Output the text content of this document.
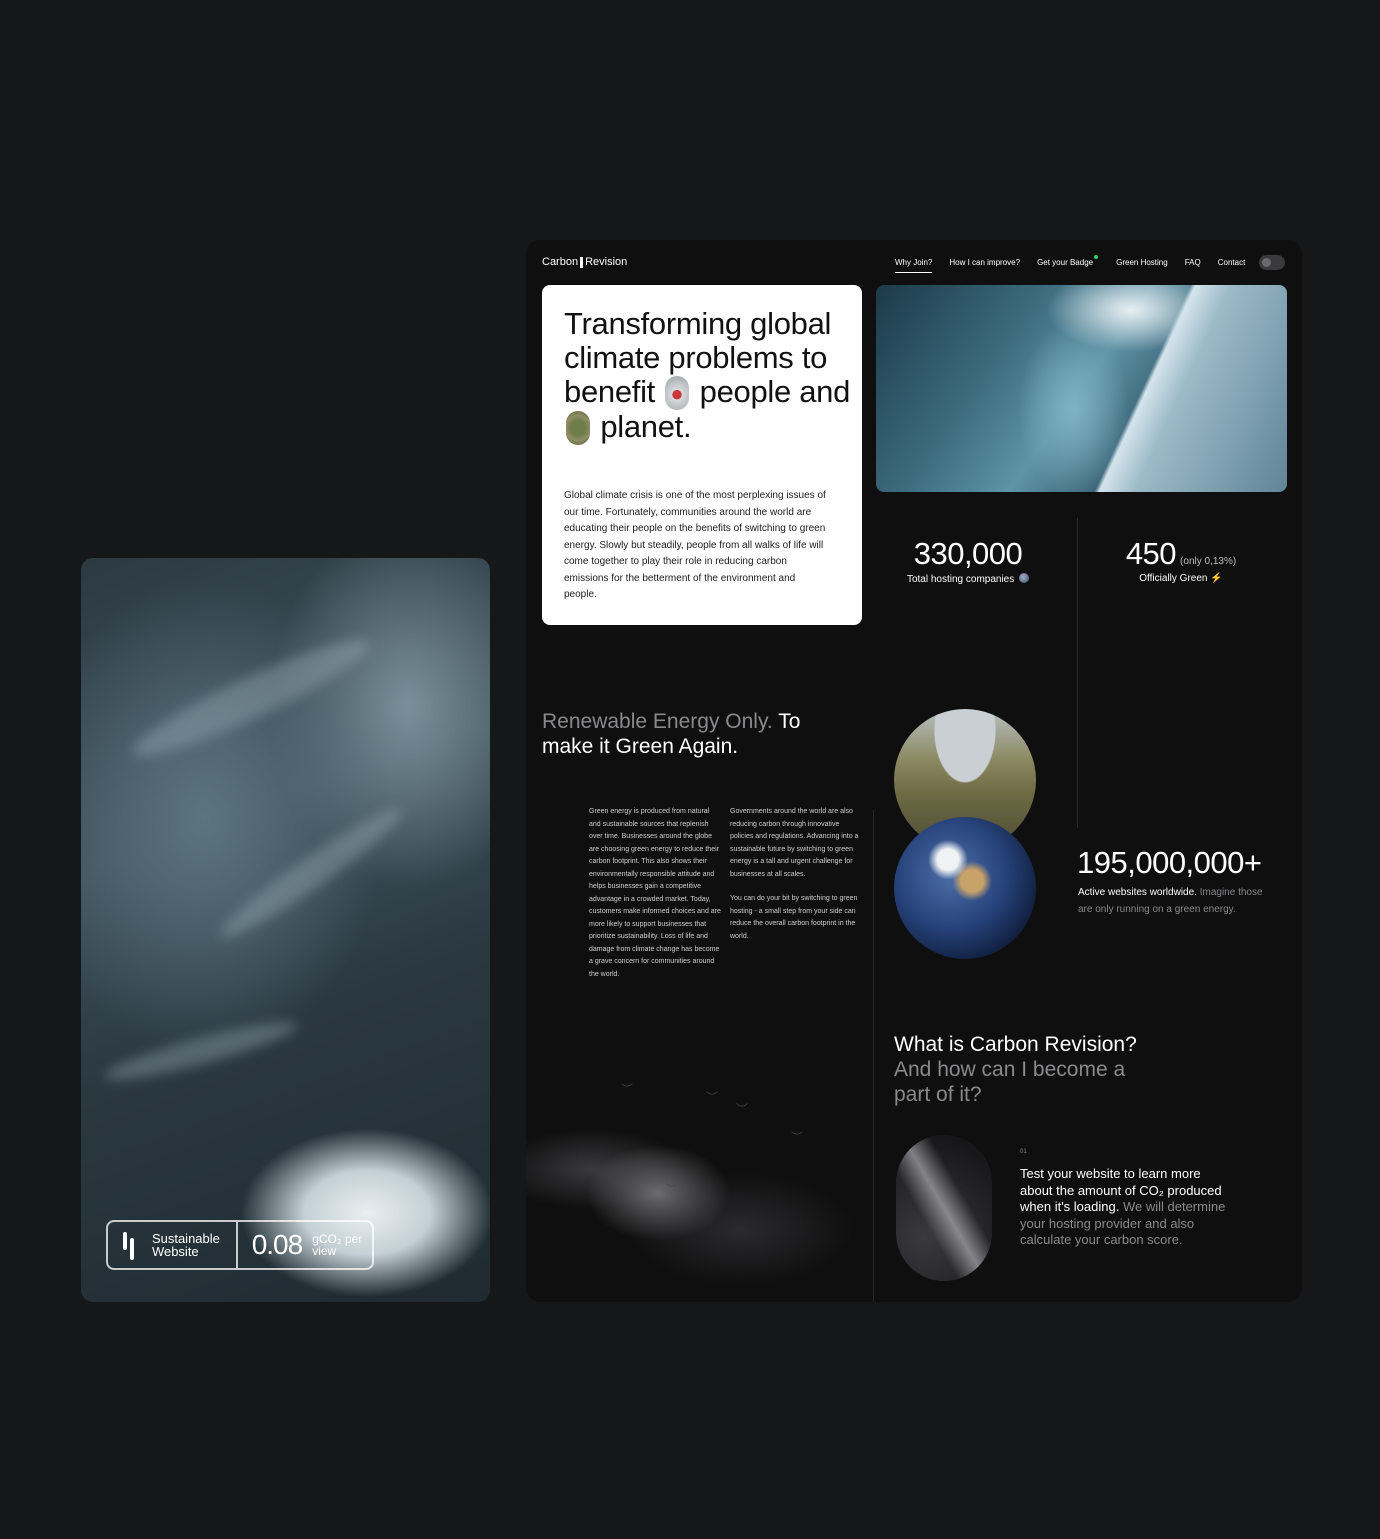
Sustainable Website	0.08 gCO₂ per view
Carbon Revision	Why Join? How I can improve? Get your Badge	Green Hosting FAQ Contact
Transforming global climate problems to benefit people and  planet.
Global climate crisis is one of the most perplexing issues of our time. Fortunately, communities around the world are educating their people on the benefits of switching to green energy. Slowly but steadily, people from all walks of life will come together to play their role in reducing carbon emissions for the betterment of the environment and people.
330,000
Total hosting companies
450 (only 0,13%)
Officially Green ⚡
Renewable Energy Only. To make it Green Again.
Green energy is produced from natural and sustainable sources that replenish over time. Businesses around the globe are choosing green energy to reduce their carbon footprint. This also shows their environmentally responsible attitude and helps businesses gain a competitive advantage in a crowded market. Today, customers make informed choices and are more likely to support businesses that prioritize sustainability. Loss of life and damage from climate change has become a grave concern for communities around the world.

Governments around the world are also reducing carbon through innovative policies and regulations. Advancing into a sustainable future by switching to green energy is a tall and urgent challenge for businesses at all scales.

You can do your bit by switching to green hosting - a small step from your side can reduce the overall carbon footprint in the world.

195,000,000+
Active websites worldwide. Imagine those are only running on a green energy.
︶
︶
︶
︶
︶
What is Carbon Revision? And how can I become a part of it?
01
Test your website to learn more about the amount of CO₂ produced when it's loading. We will determine your hosting provider and also calculate your carbon score.
